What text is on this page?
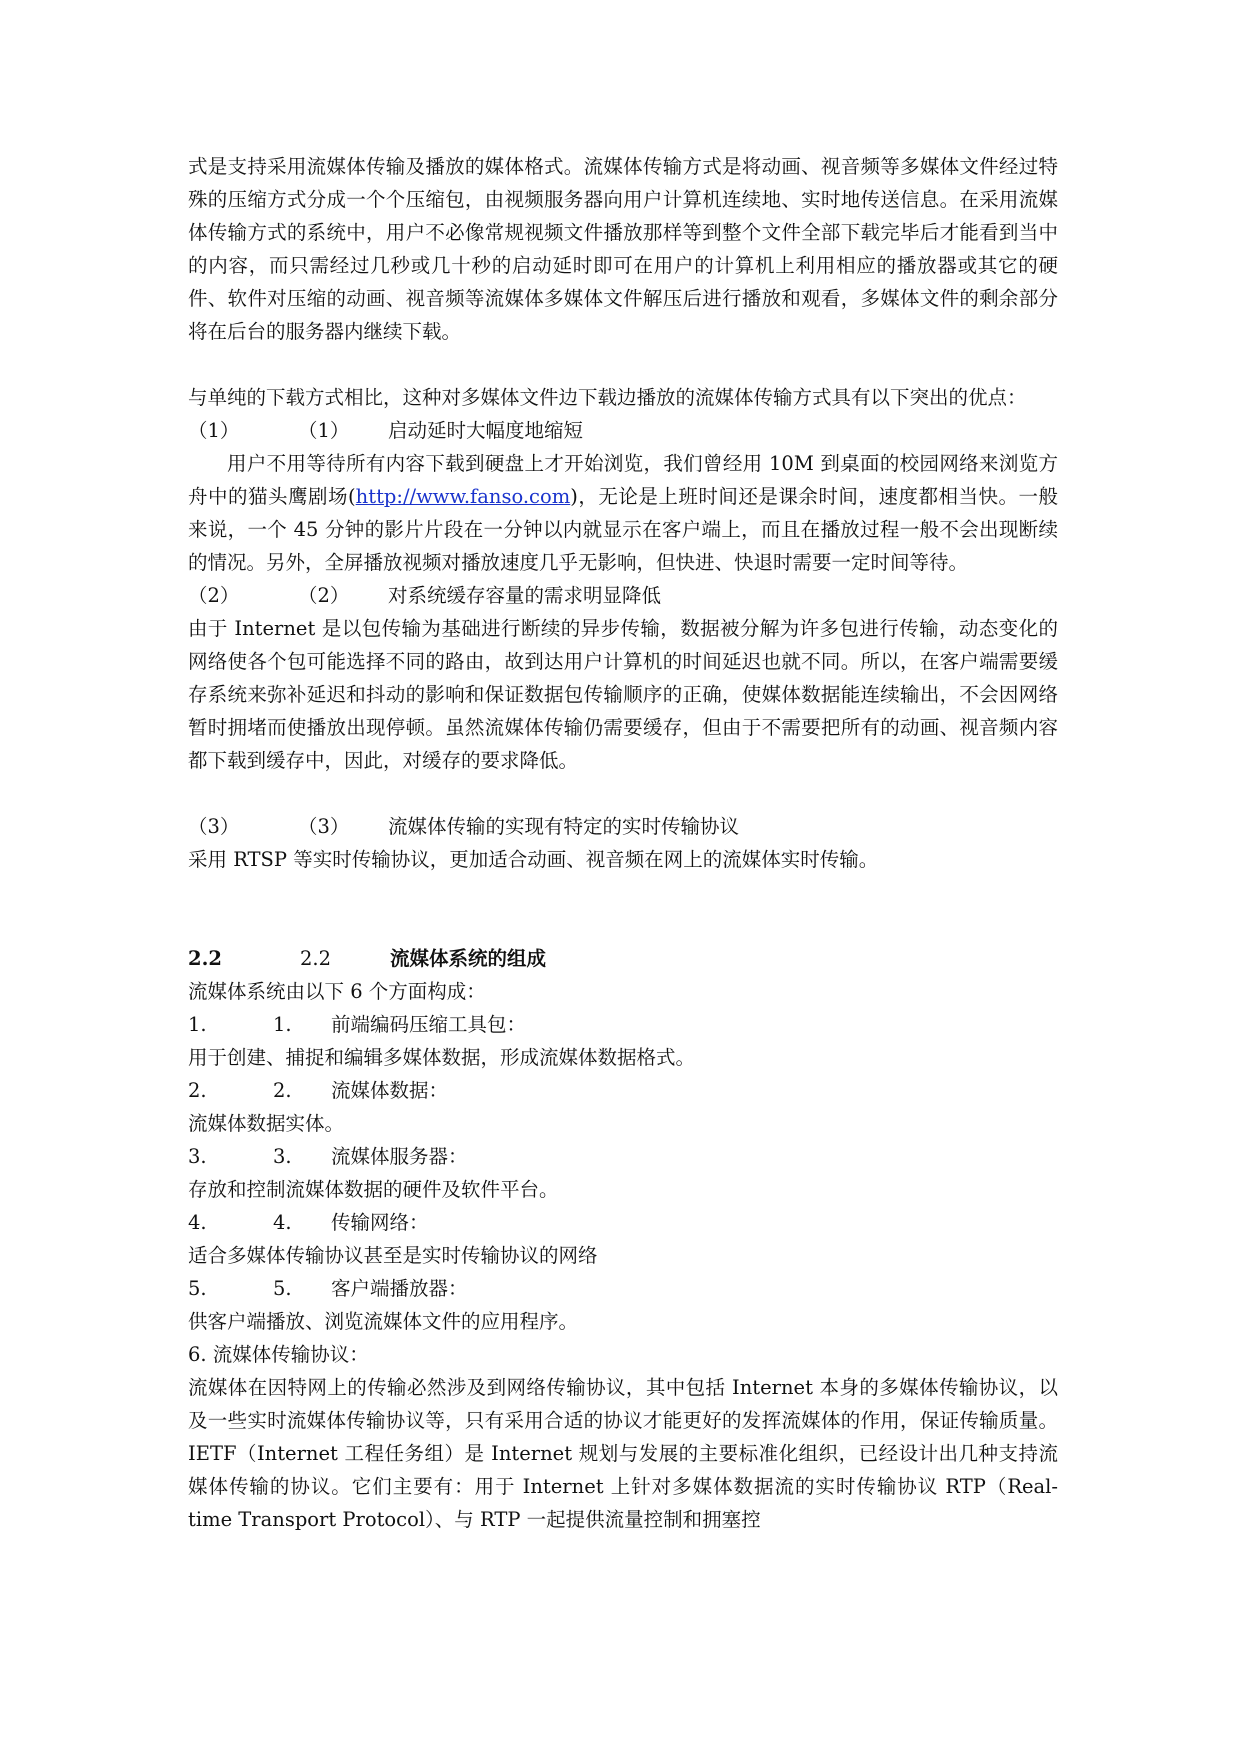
式是支持采用流媒体传输及播放的媒体格式。流媒体传输方式是将动画、视音频等多媒体文件经过特殊的压缩方式分成一个个压缩包，由视频服务器向用户计算机连续地、实时地传送信息。在采用流媒体传输方式的系统中，用户不必像常规视频文件播放那样等到整个文件全部下载完毕后才能看到当中的内容，而只需经过几秒或几十秒的启动延时即可在用户的计算机上利用相应的播放器或其它的硬件、软件对压缩的动画、视音频等流媒体多媒体文件解压后进行播放和观看，多媒体文件的剩余部分将在后台的服务器内继续下载。

与单纯的下载方式相比，这种对多媒体文件边下载边播放的流媒体传输方式具有以下突出的优点：

（1）	（1）	启动延时大幅度地缩短

用户不用等待所有内容下载到硬盘上才开始浏览，我们曾经用 10M 到桌面的校园网络来浏览方舟中的猫头鹰剧场(http://www.fanso.com)，无论是上班时间还是课余时间，速度都相当快。一般来说，一个 45 分钟的影片片段在一分钟以内就显示在客户端上，而且在播放过程一般不会出现断续的情况。另外，全屏播放视频对播放速度几乎无影响，但快进、快退时需要一定时间等待。

（2）	（2）	对系统缓存容量的需求明显降低

由于 Internet 是以包传输为基础进行断续的异步传输，数据被分解为许多包进行传输，动态变化的网络使各个包可能选择不同的路由，故到达用户计算机的时间延迟也就不同。所以，在客户端需要缓存系统来弥补延迟和抖动的影响和保证数据包传输顺序的正确，使媒体数据能连续输出，不会因网络暂时拥堵而使播放出现停顿。虽然流媒体传输仍需要缓存，但由于不需要把所有的动画、视音频内容都下载到缓存中，因此，对缓存的要求降低。

（3）	（3）	流媒体传输的实现有特定的实时传输协议

采用 RTSP 等实时传输协议，更加适合动画、视音频在网上的流媒体实时传输。

2.2	2.2	流媒体系统的组成

流媒体系统由以下 6 个方面构成：

1.	1.	前端编码压缩工具包：

用于创建、捕捉和编辑多媒体数据，形成流媒体数据格式。

2.	2.	流媒体数据：

流媒体数据实体。

3.	3.	流媒体服务器：

存放和控制流媒体数据的硬件及软件平台。

4.	4.	传输网络：

适合多媒体传输协议甚至是实时传输协议的网络

5.	5.	客户端播放器：

供客户端播放、浏览流媒体文件的应用程序。

6. 流媒体传输协议：

流媒体在因特网上的传输必然涉及到网络传输协议，其中包括 Internet 本身的多媒体传输协议，以及一些实时流媒体传输协议等，只有采用合适的协议才能更好的发挥流媒体的作用，保证传输质量。IETF（Internet 工程任务组）是 Internet 规划与发展的主要标准化组织，已经设计出几种支持流媒体传输的协议。它们主要有：用于 Internet 上针对多媒体数据流的实时传输协议 RTP（Real-time Transport Protocol）、与 RTP 一起提供流量控制和拥塞控
